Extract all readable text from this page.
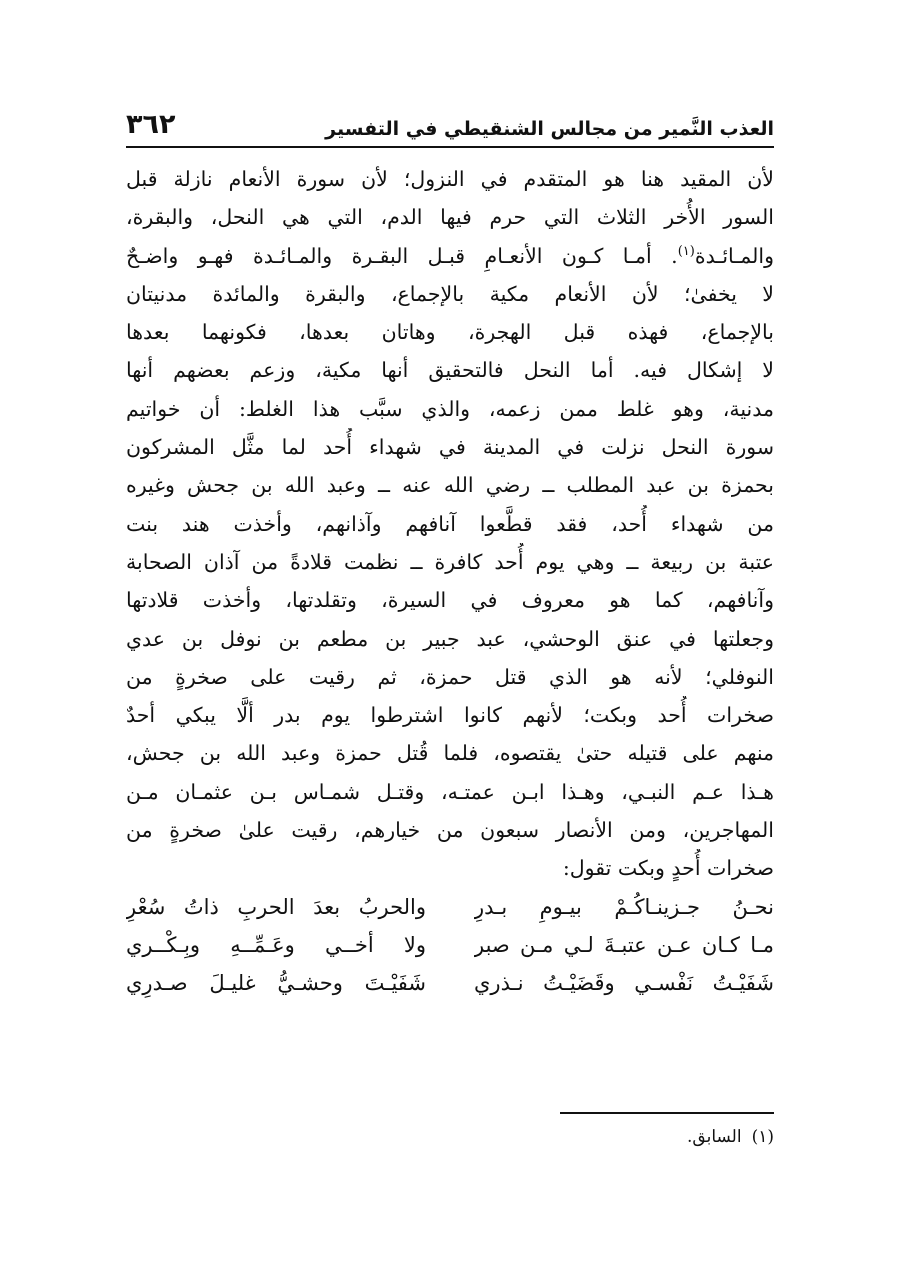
العذب النَّمير من مجالس الشنقيطي في التفسير
٣٦٢
لأن المقيد هنا هو المتقدم في النزول؛ لأن سورة الأنعام نازلة قبل
السور الأُخر الثلاث التي حرم فيها الدم، التي هي النحل، والبقرة،
والمـائـدة$^{(١)}$. أمـا كـون الأنعـامِ قبـل البقـرة والمـائـدة فهـو واضـحٌ
لا يخفىٰ؛ لأن الأنعام مكية بالإجماع، والبقرة والمائدة مدنيتان
بالإجماع، فهذه قبل الهجرة، وهاتان بعدها، فكونهما بعدها
لا إشكال فيه. أما النحل فالتحقيق أنها مكية، وزعم بعضهم أنها
مدنية، وهو غلط ممن زعمه، والذي سبَّب هذا الغلط: أن خواتيم
سورة النحل نزلت في المدينة في شهداء أُحد لما مثَّل المشركون
بحمزة بن عبد المطلب ــ رضي الله عنه ــ وعبد الله بن جحش وغيره
من شهداء أُحد، فقد قطَّعوا آنافهم وآذانهم، وأخذت هند بنت
عتبة بن ربيعة ــ وهي يوم أُحد كافرة ــ نظمت قلادةً من آذان الصحابة
وآنافهم، كما هو معروف في السيرة، وتقلدتها، وأخذت قلادتها
وجعلتها في عنق الوحشي، عبد جبير بن مطعم بن نوفل بن عدي
النوفلي؛ لأنه هو الذي قتل حمزة، ثم رقيت على صخرةٍ من
صخرات أُحد وبكت؛ لأنهم كانوا اشترطوا يوم بدر ألَّا يبكي أحدٌ
منهم على قتيله حتىٰ يقتصوه، فلما قُتل حمزة وعبد الله بن جحش،
هـذا عـم النبـي، وهـذا ابـن عمتـه، وقتـل شمـاس بـن عثمـان مـن
المهاجرين، ومن الأنصار سبعون من خيارهم، رقيت علىٰ صخرةٍ من
صخرات أُحدٍ وبكت تقول:
نحـنُ جـزينـاكُـمْ بيـومِ بـدرِ
والحربُ بعدَ الحربِ ذاتُ سُعْرِ
مـا كـان عـن عتبـةَ لـي مـن صبر
ولا أخــي وعَـمِّــهِ وبِـكْــري
شَفَيْـتُ نَفْسـي وقَضَيْـتُ نـذري
شَفَيْـتَ وحشـيُّ غليـلَ صـدرِي
(١)السابق.
